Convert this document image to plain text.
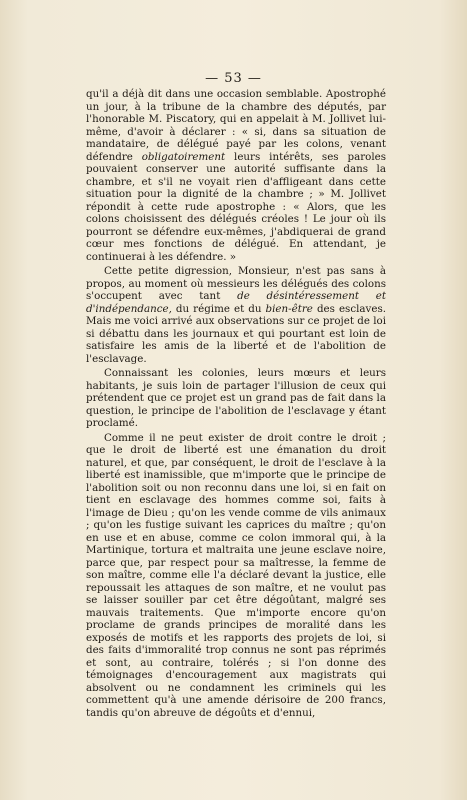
— 53 —

qu'il a déjà dit dans une occasion semblable. Apostrophé un jour, à la tribune de la chambre des députés, par l'honorable M. Piscatory, qui en appelait à M. Jollivet lui-même, d'avoir à déclarer : « si, dans sa situation de mandataire, de délégué payé par les colons, venant défendre obligatoirement leurs intérêts, ses paroles pouvaient conserver une autorité suffisante dans la chambre, et s'il ne voyait rien d'affligeant dans cette situation pour la dignité de la chambre ; » M. Jollivet répondit à cette rude apostrophe : « Alors, que les colons choisissent des délégués créoles ! Le jour où ils pourront se défendre eux-mêmes, j'abdiquerai de grand cœur mes fonctions de délégué. En attendant, je continuerai à les défendre. »

Cette petite digression, Monsieur, n'est pas sans à propos, au moment où messieurs les délégués des colons s'occupent avec tant de désintéressement et d'indépendance, du régime et du bien-être des esclaves. Mais me voici arrivé aux observations sur ce projet de loi si débattu dans les journaux et qui pourtant est loin de satisfaire les amis de la liberté et de l'abolition de l'esclavage.

Connaissant les colonies, leurs mœurs et leurs habitants, je suis loin de partager l'illusion de ceux qui prétendent que ce projet est un grand pas de fait dans la question, le principe de l'abolition de l'esclavage y étant proclamé.

Comme il ne peut exister de droit contre le droit ; que le droit de liberté est une émanation du droit naturel, et que, par conséquent, le droit de l'esclave à la liberté est inamissible, que m'importe que le principe de l'abolition soit ou non reconnu dans une loi, si en fait on tient en esclavage des hommes comme soi, faits à l'image de Dieu ; qu'on les vende comme de vils animaux ; qu'on les fustige suivant les caprices du maître ; qu'on en use et en abuse, comme ce colon immoral qui, à la Martinique, tortura et maltraita une jeune esclave noire, parce que, par respect pour sa maîtresse, la femme de son maître, comme elle l'a déclaré devant la justice, elle repoussait les attaques de son maître, et ne voulut pas se laisser souiller par cet être dégoûtant, malgré ses mauvais traitements. Que m'importe encore qu'on proclame de grands principes de moralité dans les exposés de motifs et les rapports des projets de loi, si des faits d'immoralité trop connus ne sont pas réprimés et sont, au contraire, tolérés ; si l'on donne des témoignages d'encouragement aux magistrats qui absolvent ou ne condamnent les criminels qui les commettent qu'à une amende dérisoire de 200 francs, tandis qu'on abreuve de dégoûts et d'ennui,
